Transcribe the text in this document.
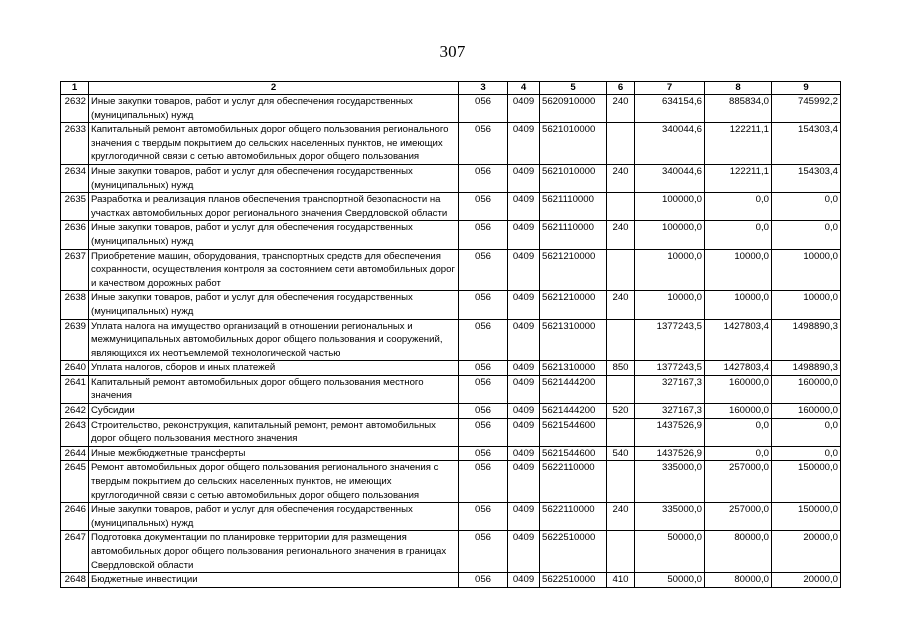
307
1	2	3	4	5	6	7	8	9
2632	Иные закупки товаров, работ и услуг для обеспечения государственных (муниципальных) нужд	056	0409	5620910000	240	634154,6	885834,0	745992,2
2633	Капитальный ремонт автомобильных дорог общего пользования регионального значения с твердым покрытием до сельских населенных пунктов, не имеющих круглогодичной связи с сетью автомобильных дорог общего пользования	056	0409	5621010000		340044,6	122211,1	154303,4
2634	Иные закупки товаров, работ и услуг для обеспечения государственных (муниципальных) нужд	056	0409	5621010000	240	340044,6	122211,1	154303,4
2635	Разработка и реализация планов обеспечения транспортной безопасности на участках автомобильных дорог регионального значения Свердловской области	056	0409	5621110000		100000,0	0,0	0,0
2636	Иные закупки товаров, работ и услуг для обеспечения государственных (муниципальных) нужд	056	0409	5621110000	240	100000,0	0,0	0,0
2637	Приобретение машин, оборудования, транспортных средств для обеспечения сохранности, осуществления контроля за состоянием сети автомобильных дорог и качеством дорожных работ	056	0409	5621210000		10000,0	10000,0	10000,0
2638	Иные закупки товаров, работ и услуг для обеспечения государственных (муниципальных) нужд	056	0409	5621210000	240	10000,0	10000,0	10000,0
2639	Уплата налога на имущество организаций в отношении региональных и межмуниципальных автомобильных дорог общего пользования и сооружений, являющихся их неотъемлемой технологической частью	056	0409	5621310000		1377243,5	1427803,4	1498890,3
2640	Уплата налогов, сборов и иных платежей	056	0409	5621310000	850	1377243,5	1427803,4	1498890,3
2641	Капитальный ремонт автомобильных дорог общего пользования местного значения	056	0409	5621444200		327167,3	160000,0	160000,0
2642	Субсидии	056	0409	5621444200	520	327167,3	160000,0	160000,0
2643	Строительство, реконструкция, капитальный ремонт, ремонт автомобильных дорог общего пользования местного значения	056	0409	5621544600		1437526,9	0,0	0,0
2644	Иные межбюджетные трансферты	056	0409	5621544600	540	1437526,9	0,0	0,0
2645	Ремонт автомобильных дорог общего пользования регионального значения с твердым покрытием до сельских населенных пунктов, не имеющих круглогодичной связи с сетью автомобильных дорог общего пользования	056	0409	5622110000		335000,0	257000,0	150000,0
2646	Иные закупки товаров, работ и услуг для обеспечения государственных (муниципальных) нужд	056	0409	5622110000	240	335000,0	257000,0	150000,0
2647	Подготовка документации по планировке территории для размещения автомобильных дорог общего пользования регионального значения в границах Свердловской области	056	0409	5622510000		50000,0	80000,0	20000,0
2648	Бюджетные инвестиции	056	0409	5622510000	410	50000,0	80000,0	20000,0
